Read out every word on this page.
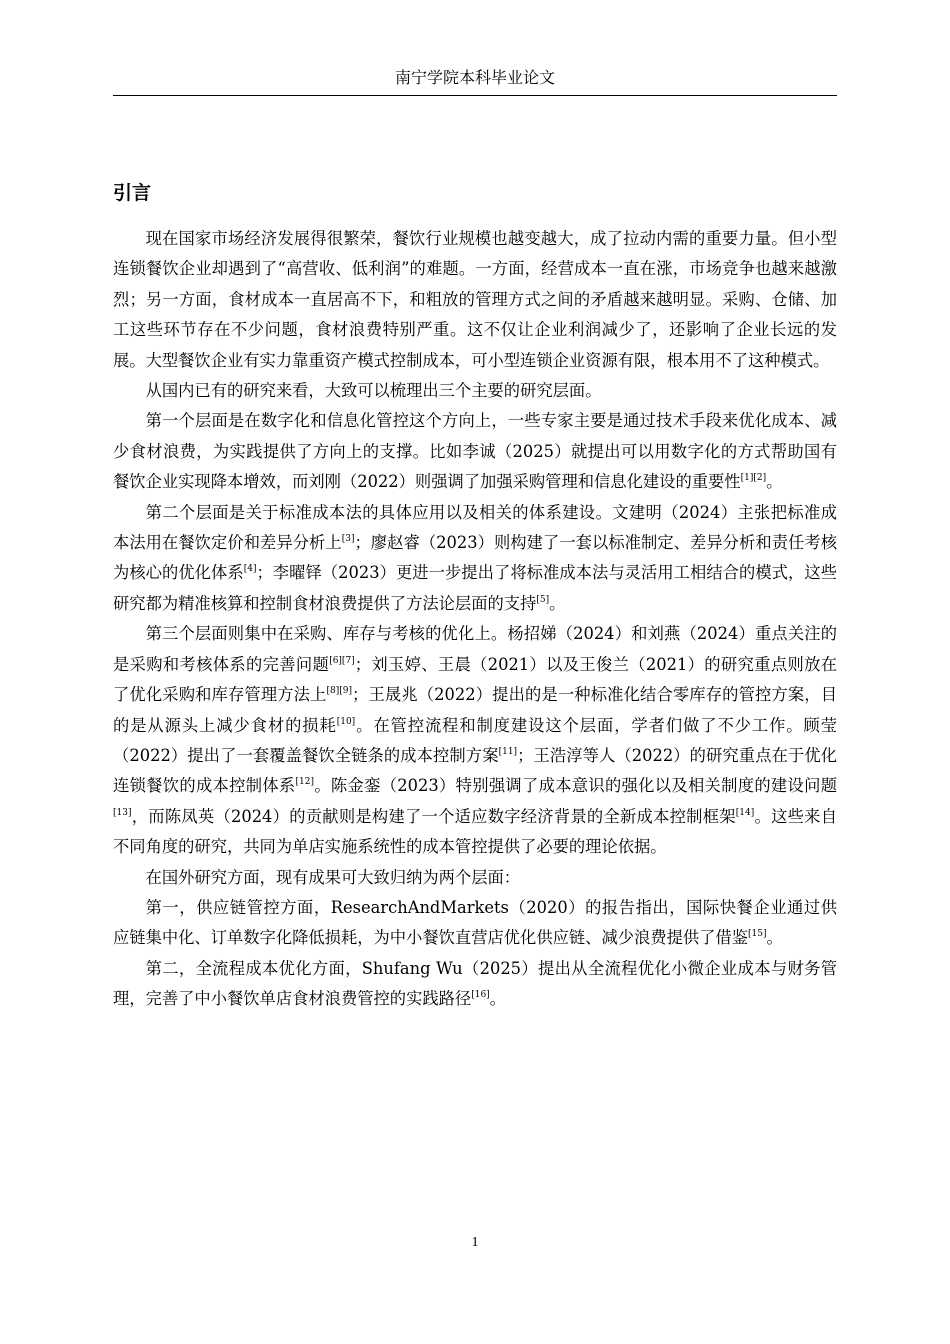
南宁学院本科毕业论文
引言

现在国家市场经济发展得很繁荣，餐饮行业规模也越变越大，成了拉动内需的重要力量。但小型连锁餐饮企业却遇到了“高营收、低利润”的难题。一方面，经营成本一直在涨，市场竞争也越来越激烈；另一方面，食材成本一直居高不下，和粗放的管理方式之间的矛盾越来越明显。采购、仓储、加工这些环节存在不少问题，食材浪费特别严重。这不仅让企业利润减少了，还影响了企业长远的发展。大型餐饮企业有实力靠重资产模式控制成本，可小型连锁企业资源有限，根本用不了这种模式。

从国内已有的研究来看，大致可以梳理出三个主要的研究层面。

第一个层面是在数字化和信息化管控这个方向上，一些专家主要是通过技术手段来优化成本、减少食材浪费，为实践提供了方向上的支撑。比如李诚（2025）就提出可以用数字化的方式帮助国有餐饮企业实现降本增效，而刘刚（2022）则强调了加强采购管理和信息化建设的重要性[1][2]。

第二个层面是关于标准成本法的具体应用以及相关的体系建设。文建明（2024）主张把标准成本法用在餐饮定价和差异分析上[3]；廖赵睿（2023）则构建了一套以标准制定、差异分析和责任考核为核心的优化体系[4]；李曜铎（2023）更进一步提出了将标准成本法与灵活用工相结合的模式，这些研究都为精准核算和控制食材浪费提供了方法论层面的支持[5]。

第三个层面则集中在采购、库存与考核的优化上。杨招娣（2024）和刘燕（2024）重点关注的是采购和考核体系的完善问题[6][7]；刘玉婷、王晨（2021）以及王俊兰（2021）的研究重点则放在了优化采购和库存管理方法上[8][9]；王晟兆（2022）提出的是一种标准化结合零库存的管控方案，目的是从源头上减少食材的损耗[10]。在管控流程和制度建设这个层面，学者们做了不少工作。顾莹（2022）提出了一套覆盖餐饮全链条的成本控制方案[11]；王浩淳等人（2022）的研究重点在于优化连锁餐饮的成本控制体系[12]。陈金銮（2023）特别强调了成本意识的强化以及相关制度的建设问题[13]，而陈凤英（2024）的贡献则是构建了一个适应数字经济背景的全新成本控制框架[14]。这些来自不同角度的研究，共同为单店实施系统性的成本管控提供了必要的理论依据。

在国外研究方面，现有成果可大致归纳为两个层面：

第一，供应链管控方面，ResearchAndMarkets（2020）的报告指出，国际快餐企业通过供应链集中化、订单数字化降低损耗，为中小餐饮直营店优化供应链、减少浪费提供了借鉴[15]。

第二，全流程成本优化方面，Shufang Wu（2025）提出从全流程优化小微企业成本与财务管理，完善了中小餐饮单店食材浪费管控的实践路径[16]。

1
